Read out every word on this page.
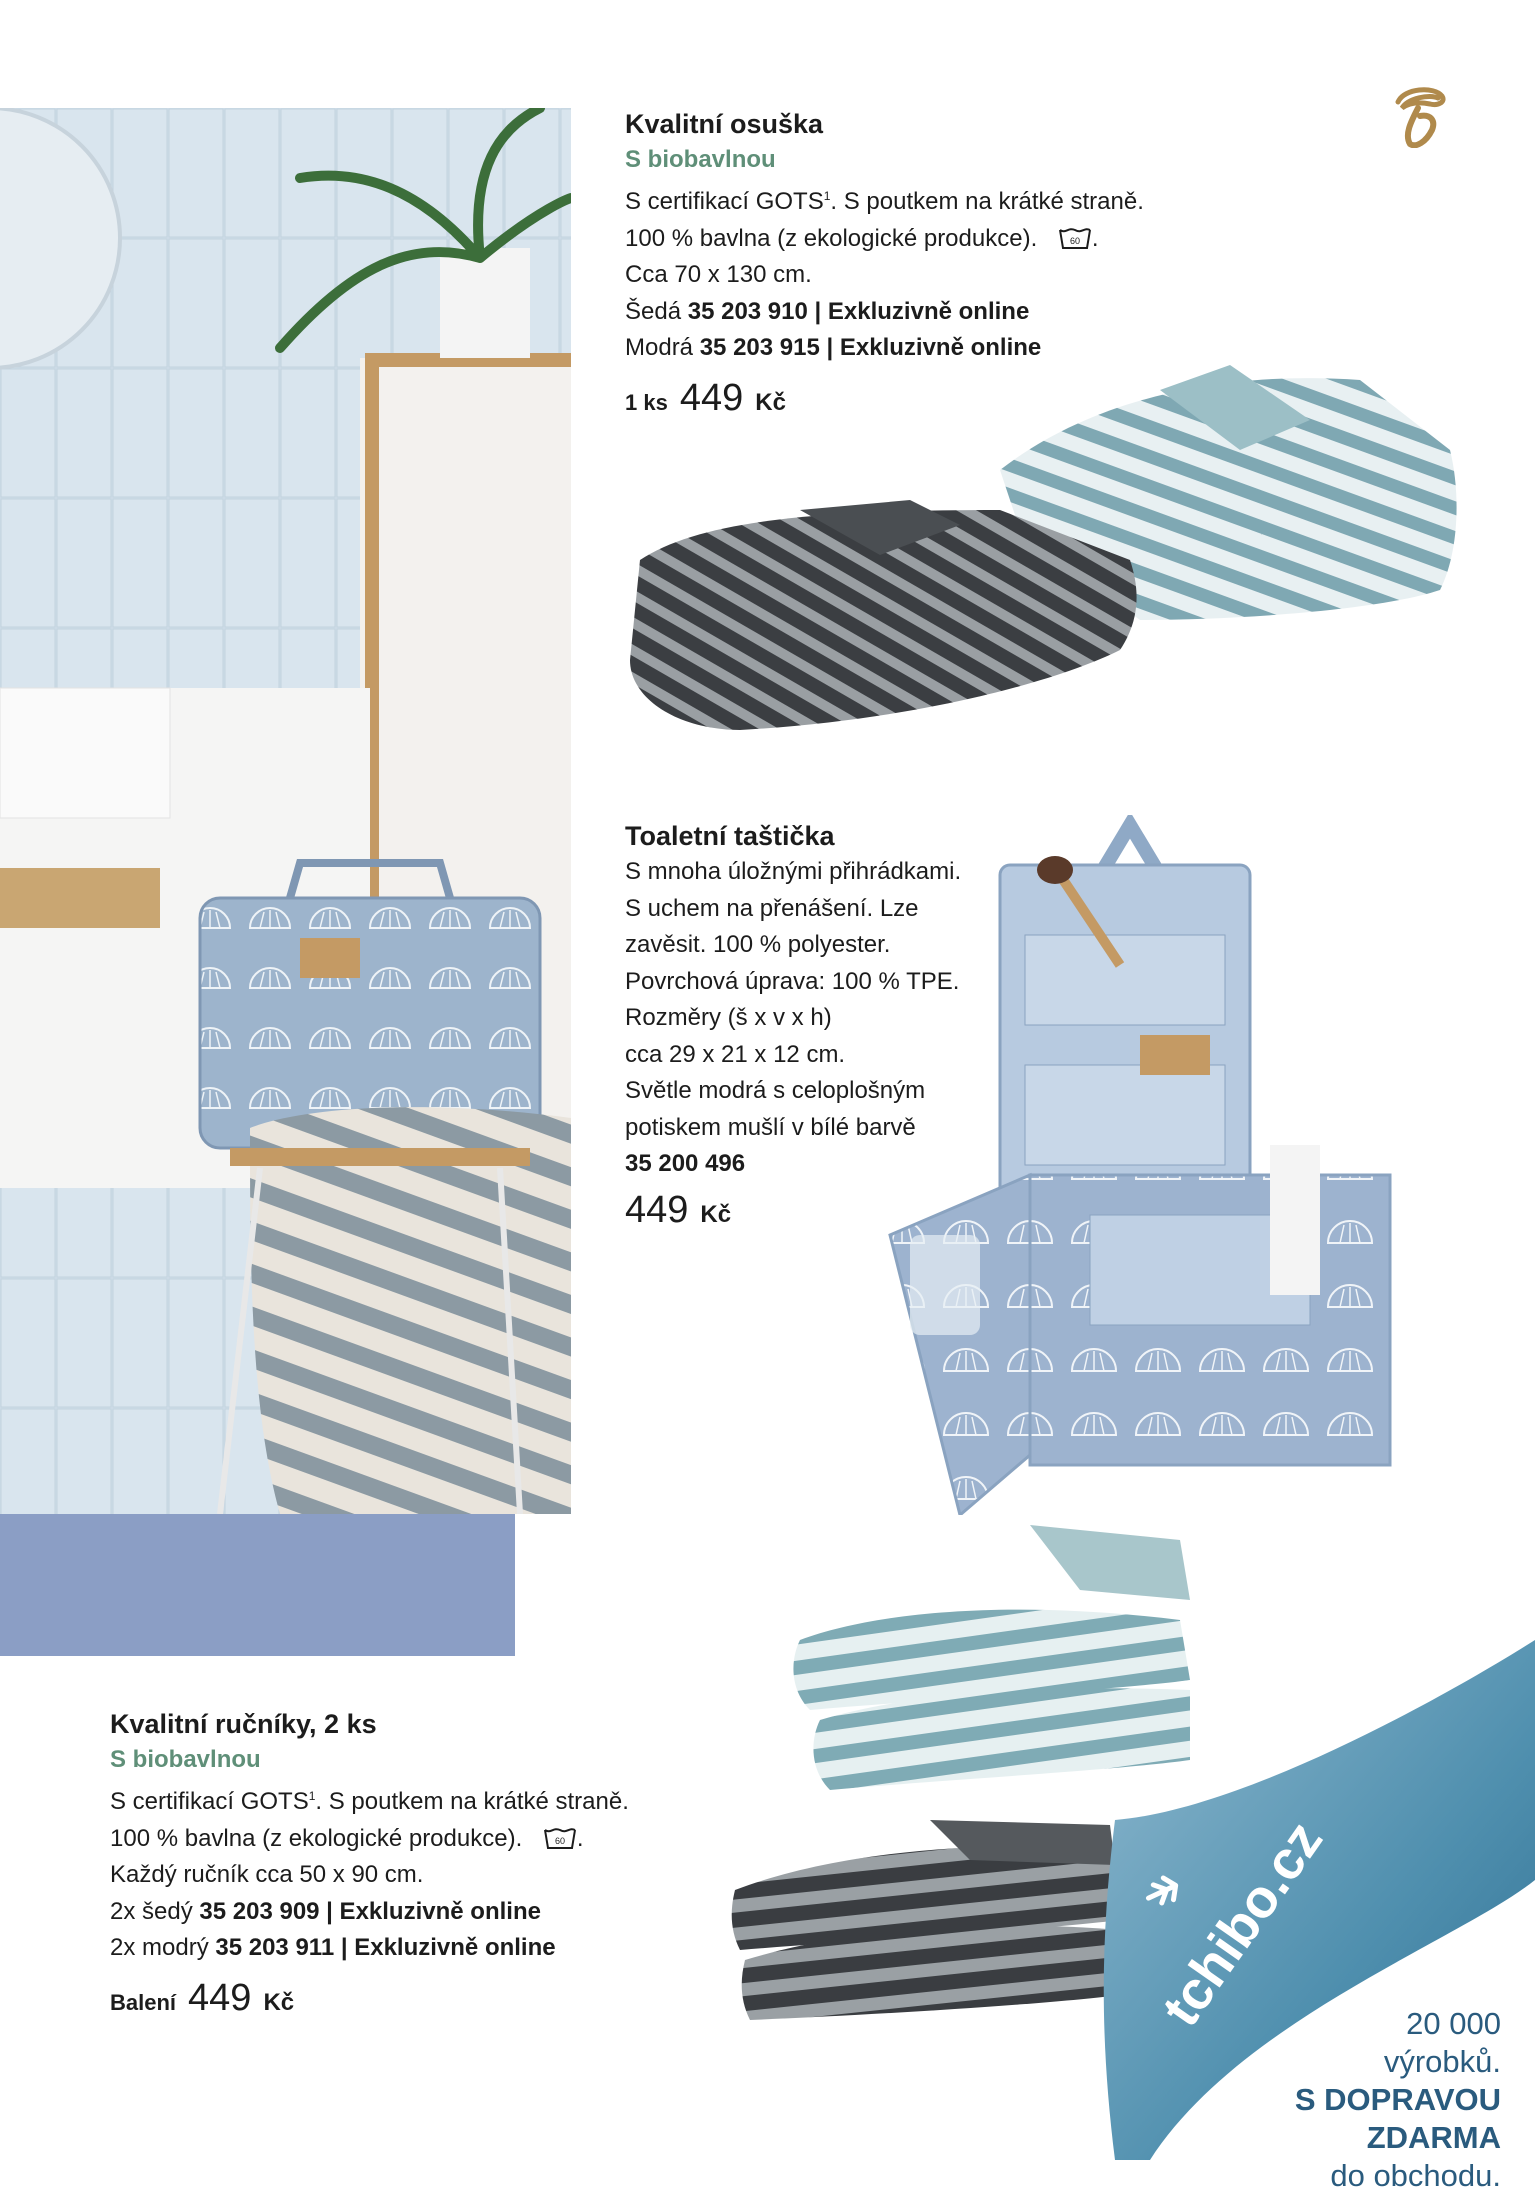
Kvalitní osuška
S biobavlnou
S certifikací GOTS$^1$. S poutkem na krátké straně.
100 % bavlna (z ekologické produkce).	60 .
Cca 70 x 130 cm.
Šedá 35 203 910 | Exkluzivně online
Modrá 35 203 915 | Exkluzivně online
1 ks 449 Kč
Toaletní taštička
S mnoha úložnými přihrádkami.
S uchem na přenášení. Lze
zavěsit. 100 % polyester.
Povrchová úprava: 100 % TPE.
Rozměry (š x v x h)
cca 29 x 21 x 12 cm.
Světle modrá s celoplošným
potiskem mušlí v bílé barvě
35 200 496
449 Kč
Kvalitní ručníky, 2 ks
S biobavlnou
S certifikací GOTS$^1$. S poutkem na krátké straně.
100 % bavlna (z ekologické produkce).	60 .
Každý ručník cca 50 x 90 cm.
2x šedý 35 203 909 | Exkluzivně online
2x modrý 35 203 911 | Exkluzivně online
Balení 449 Kč	tchibo.cz	20 000
výrobků.
S DOPRAVOU
ZDARMA
do obchodu.
